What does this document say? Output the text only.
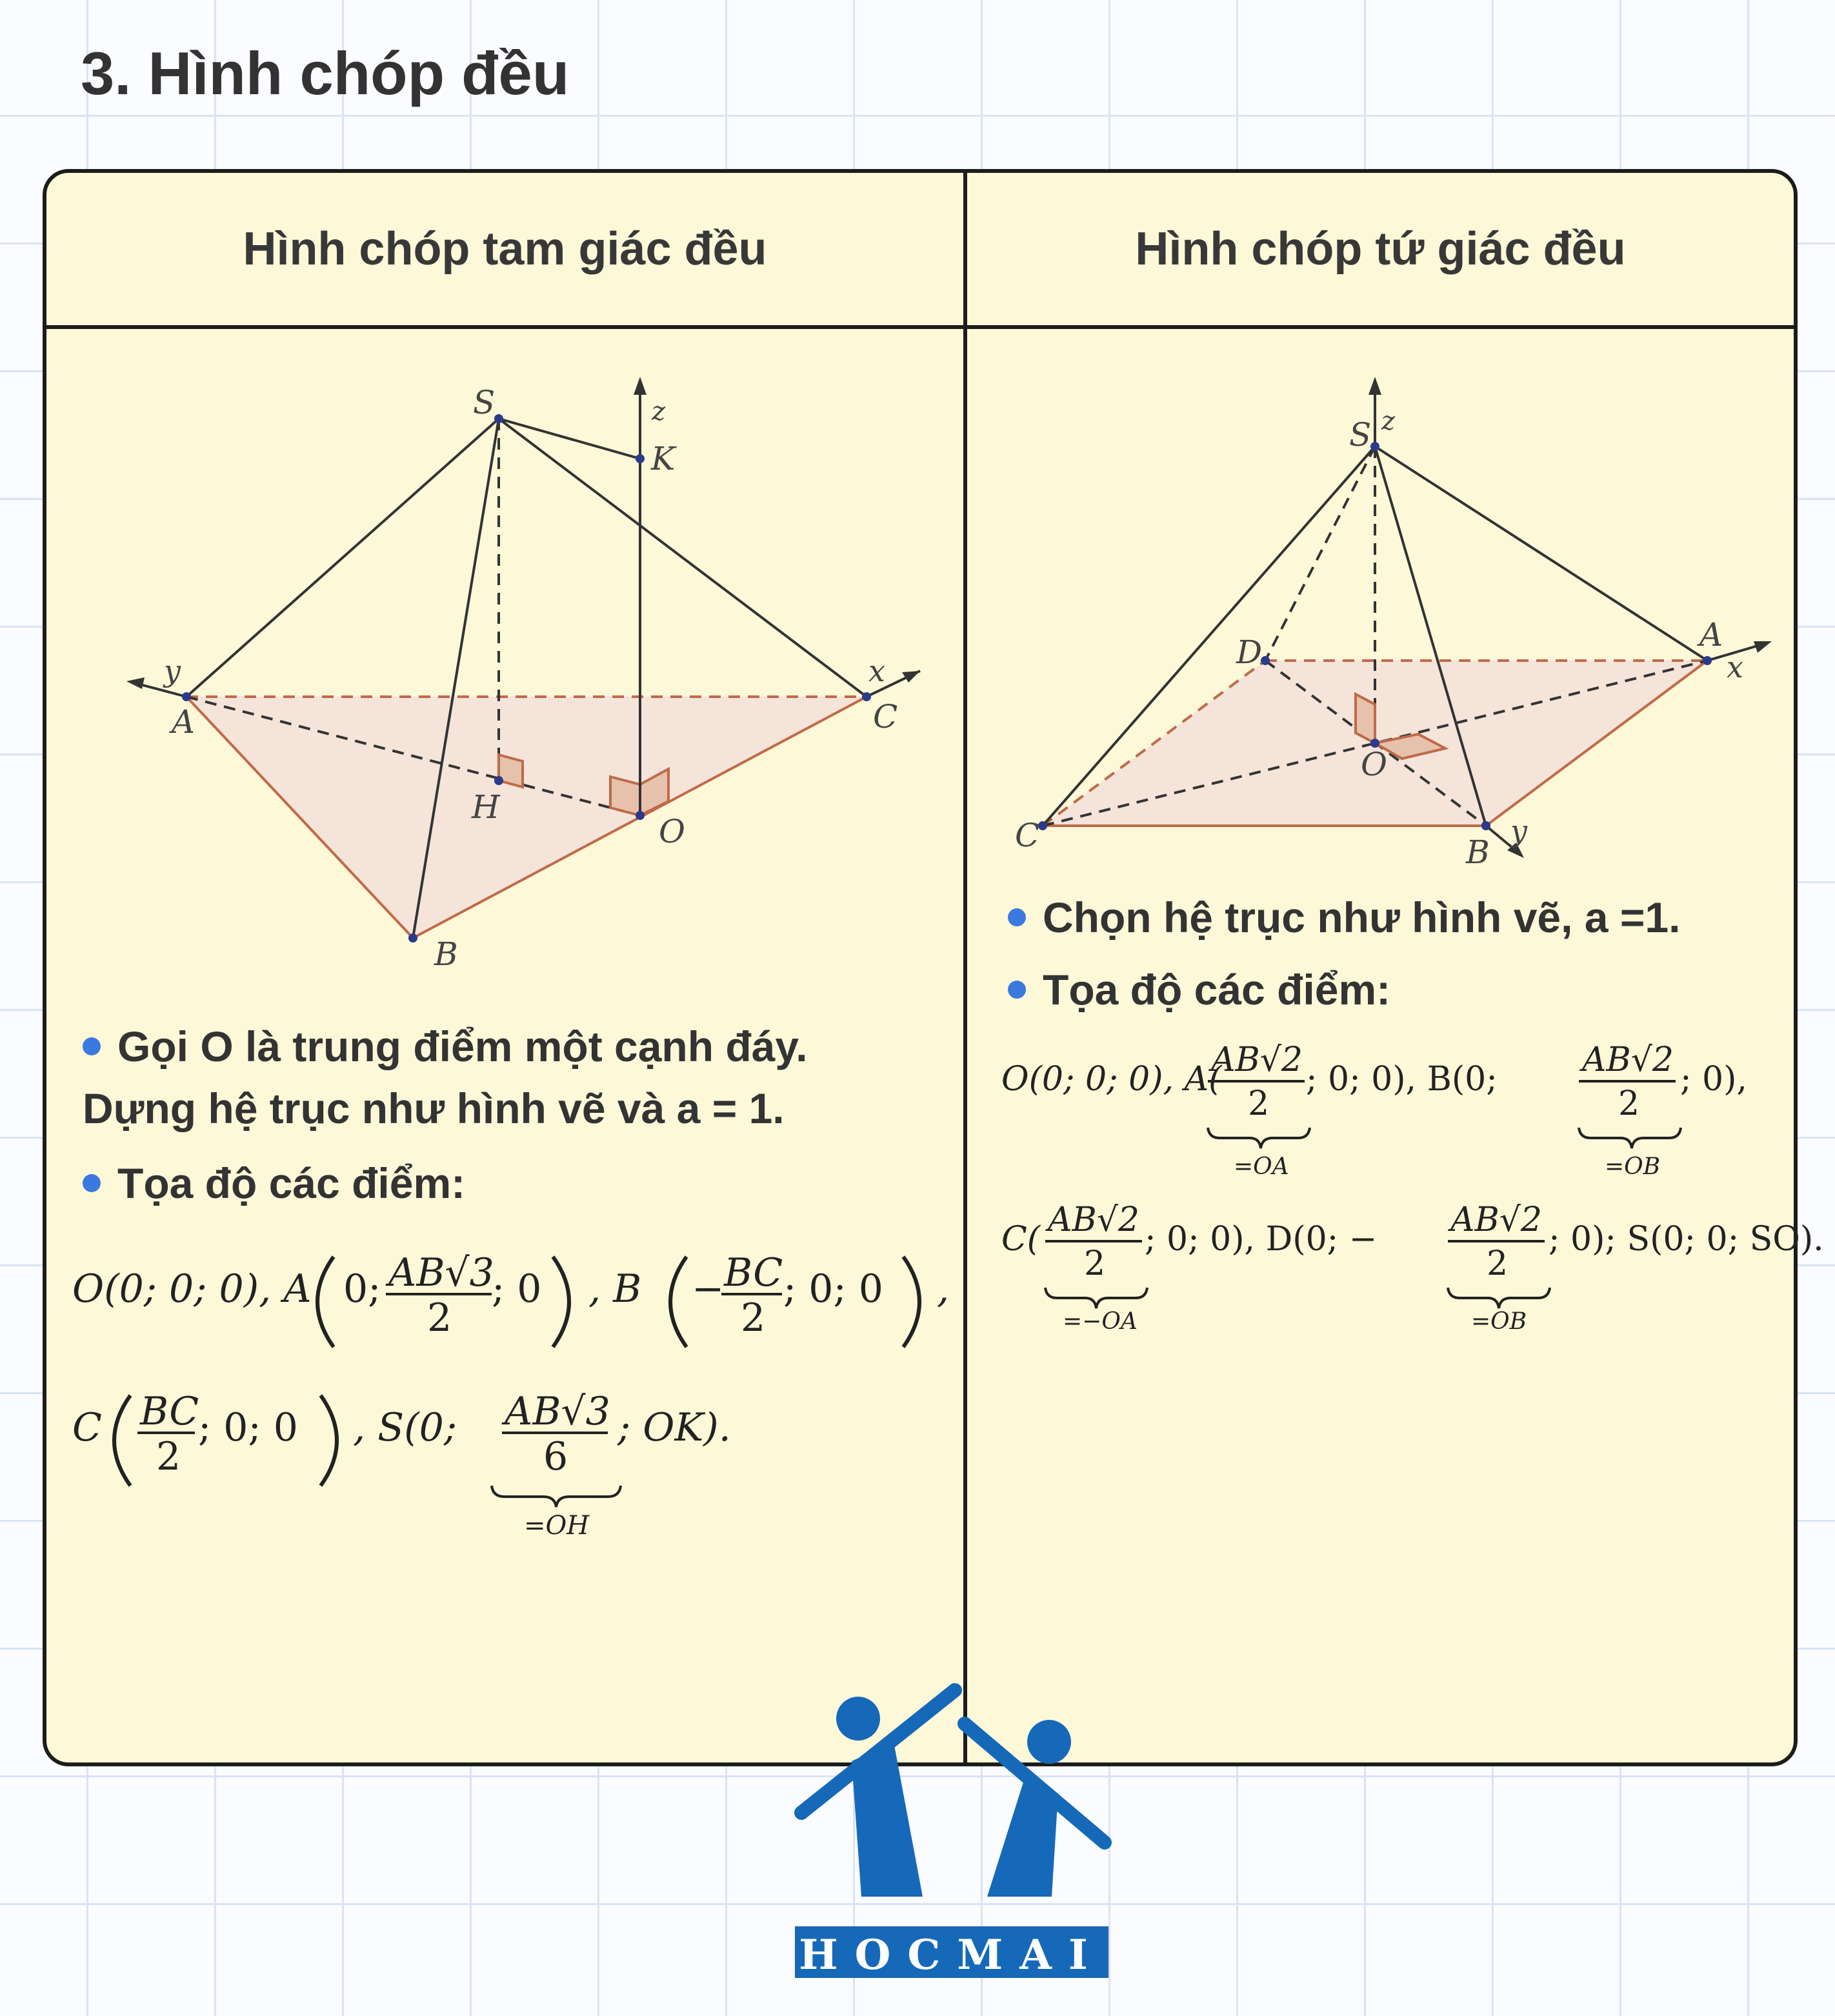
3. Hình chóp đều
Hình chóp tam giác đều	Hình chóp tứ giác đều
S	z
K
y
A
x
C
H
O
B
S z
D	A
x
O
C	B
y
Gọi O là trung điểm một cạnh đáy.
Dựng hệ trục như hình vẽ và a = 1.
Tọa độ các điểm:
O(0; 0; 0), A 0; AB√3
2
; 0 , B − BC
2
; 0; 0 ,
C BC
2
; 0; 0 , S(0; AB√3
6
=OH
; OK).
Chọn hệ trục như hình vẽ, a =1.
Tọa độ các điểm:
O(0; 0; 0), A(
AB√2
2
=OA
; 0; 0), B(0;	AB√2
2
=OB
; 0),
C( AB√2
2
=−OA
; 0; 0), D(0; − AB√2
2
=OB
; 0); S(0; 0; SO).
HOCMAI
